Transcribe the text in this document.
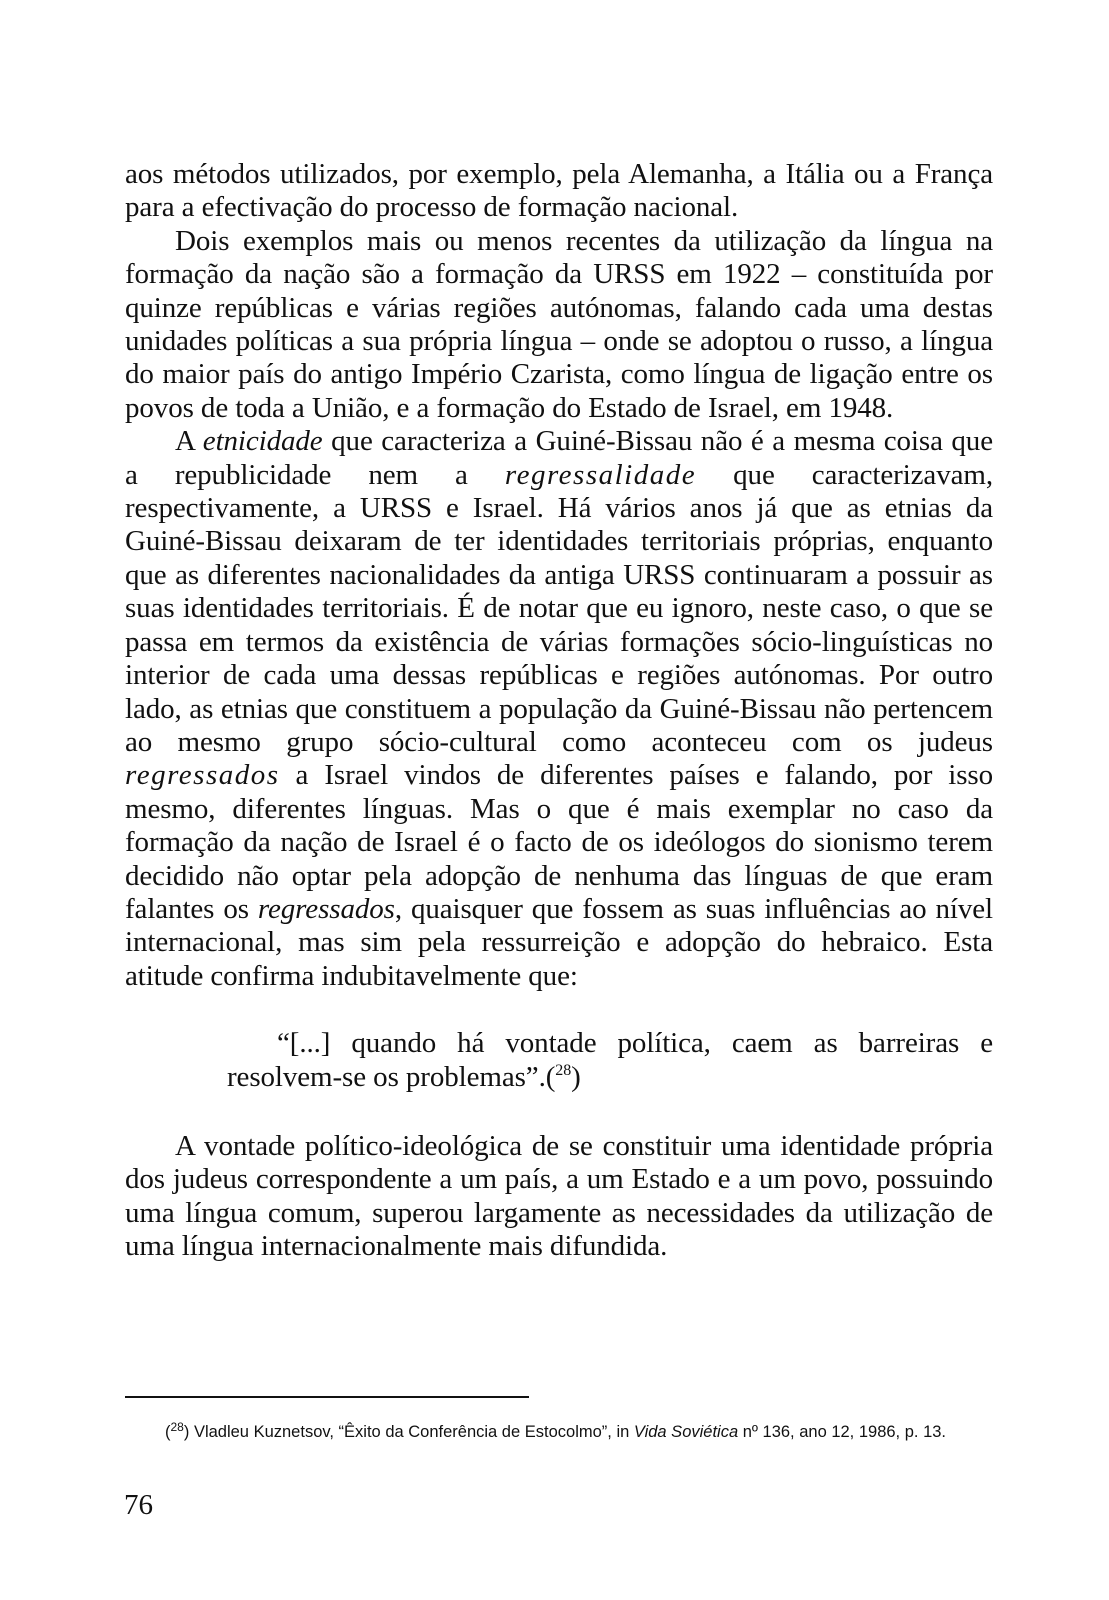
aos métodos utilizados, por exemplo, pela Alemanha, a Itália ou a França para a efectivação do processo de formação nacional.

Dois exemplos mais ou menos recentes da utilização da língua na formação da nação são a formação da URSS em 1922 – constituída por quinze repúblicas e várias regiões autónomas, falando cada uma destas unidades políticas a sua própria língua – onde se adoptou o russo, a língua do maior país do antigo Império Czarista, como língua de ligação entre os povos de toda a União, e a formação do Estado de Israel, em 1948.

A etnicidade que caracteriza a Guiné-Bissau não é a mesma coisa que a republicidade nem a regressalidade que caracterizavam, respectivamente, a URSS e Israel. Há vários anos já que as etnias da Guiné-Bissau deixaram de ter identidades territoriais próprias, enquanto que as diferentes nacionalidades da antiga URSS continuaram a possuir as suas identidades territoriais. É de notar que eu ignoro, neste caso, o que se passa em termos da existência de várias formações sócio-linguísticas no interior de cada uma dessas repúblicas e regiões autónomas. Por outro lado, as etnias que constituem a população da Guiné-Bissau não pertencem ao mesmo grupo sócio-cultural como aconteceu com os judeus regressados a Israel vindos de diferentes países e falando, por isso mesmo, diferentes línguas. Mas o que é mais exemplar no caso da formação da nação de Israel é o facto de os ideólogos do sionismo terem decidido não optar pela adopção de nenhuma das línguas de que eram falantes os regressados, quaisquer que fossem as suas influências ao nível internacional, mas sim pela ressurreição e adopção do hebraico. Esta atitude confirma indubitavelmente que:

“[...] quando há vontade política, caem as barreiras e resolvem-se os problemas”.($^{28}$)

A vontade político-ideológica de se constituir uma identidade própria dos judeus correspondente a um país, a um Estado e a um povo, possuindo uma língua comum, superou largamente as necessidades da utilização de uma língua internacionalmente mais difundida.

($^{28}$) Vladleu Kuznetsov, “Êxito da Conferência de Estocolmo”, in Vida Soviética nº 136, ano 12, 1986, p. 13.
76
